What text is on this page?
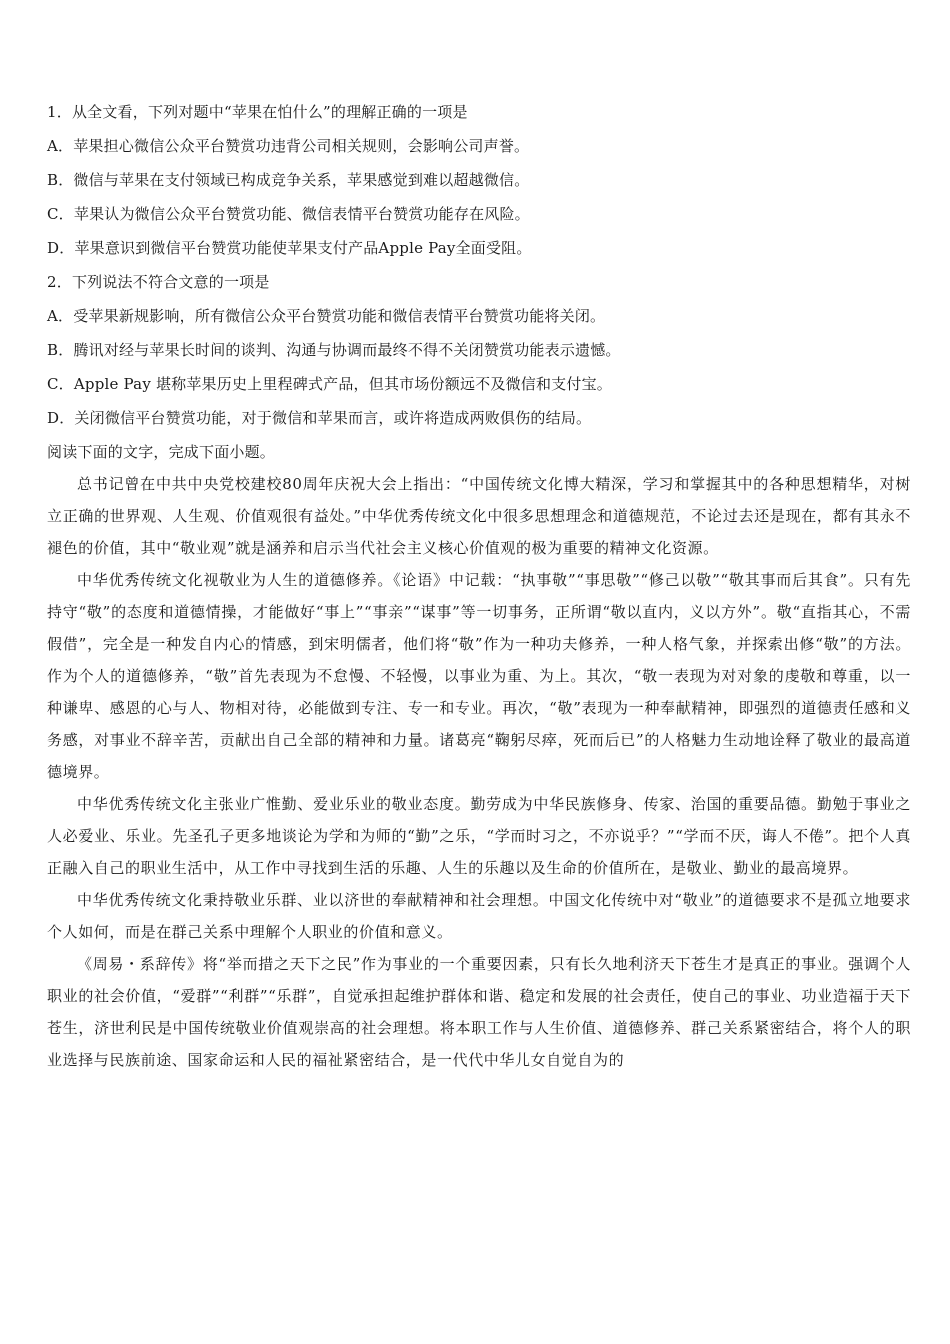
1．从全文看，下列对题中“苹果在怕什么”的理解正确的一项是
A．苹果担心微信公众平台赞赏功违背公司相关规则，会影响公司声誉。
B．微信与苹果在支付领域已构成竞争关系，苹果感觉到难以超越微信。
C．苹果认为微信公众平台赞赏功能、微信表情平台赞赏功能存在风险。
D．苹果意识到微信平台赞赏功能使苹果支付产品Apple Pay全面受阻。
2．下列说法不符合文意的一项是
A．受苹果新规影响，所有微信公众平台赞赏功能和微信表情平台赞赏功能将关闭。
B．腾讯对经与苹果长时间的谈判、沟通与协调而最终不得不关闭赞赏功能表示遗憾。
C．Apple Pay 堪称苹果历史上里程碑式产品，但其市场份额远不及微信和支付宝。
D．关闭微信平台赞赏功能，对于微信和苹果而言，或许将造成两败俱伤的结局。
阅读下面的文字，完成下面小题。

总书记曾在中共中央党校建校80周年庆祝大会上指出：“中国传统文化博大精深，学习和掌握其中的各种思想精华，对树立正确的世界观、人生观、价值观很有益处。”中华优秀传统文化中很多思想理念和道德规范，不论过去还是现在，都有其永不褪色的价值，其中“敬业观”就是涵养和启示当代社会主义核心价值观的极为重要的精神文化资源。

中华优秀传统文化视敬业为人生的道德修养。《论语》中记载：“执事敬”“事思敬”“修己以敬”“敬其事而后其食”。只有先持守“敬”的态度和道德情操，才能做好“事上”“事亲”“谋事”等一切事务，正所谓“敬以直内，义以方外”。敬“直指其心，不需假借”，完全是一种发自内心的情感，到宋明儒者，他们将“敬”作为一种功夫修养，一种人格气象，并探索出修“敬”的方法。作为个人的道德修养，“敬”首先表现为不怠慢、不轻慢，以事业为重、为上。其次，“敬一表现为对对象的虔敬和尊重，以一种谦卑、感恩的心与人、物相对待，必能做到专注、专一和专业。再次，“敬”表现为一种奉献精神，即强烈的道德责任感和义务感，对事业不辞辛苦，贡献出自己全部的精神和力量。诸葛亮“鞠躬尽瘁，死而后已”的人格魅力生动地诠释了敬业的最高道德境界。

中华优秀传统文化主张业广惟勤、爱业乐业的敬业态度。勤劳成为中华民族修身、传家、治国的重要品德。勤勉于事业之人必爱业、乐业。先圣孔子更多地谈论为学和为师的“勤”之乐，“学而时习之，不亦说乎？”“学而不厌，诲人不倦”。把个人真正融入自己的职业生活中，从工作中寻找到生活的乐趣、人生的乐趣以及生命的价值所在，是敬业、勤业的最高境界。

中华优秀传统文化秉持敬业乐群、业以济世的奉献精神和社会理想。中国文化传统中对“敬业”的道德要求不是孤立地要求个人如何，而是在群己关系中理解个人职业的价值和意义。

《周易・系辞传》将“举而措之天下之民”作为事业的一个重要因素，只有长久地利济天下苍生才是真正的事业。强调个人职业的社会价值，“爱群”“利群”“乐群”，自觉承担起维护群体和谐、稳定和发展的社会责任，使自己的事业、功业造福于天下苍生，济世利民是中国传统敬业价值观崇高的社会理想。将本职工作与人生价值、道德修养、群己关系紧密结合，将个人的职业选择与民族前途、国家命运和人民的福祉紧密结合，是一代代中华儿女自觉自为的
